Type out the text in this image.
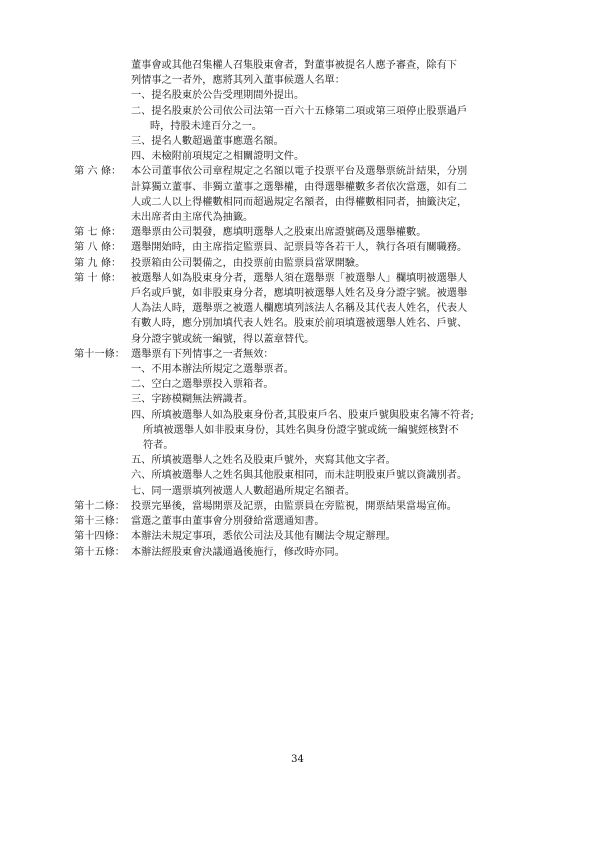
董事會或其他召集權人召集股東會者，對董事被提名人應予審查，除有下
列情事之一者外，應將其列入董事候選人名單：
一、提名股東於公告受理期間外提出。
二、提名股東於公司依公司法第一百六十五條第二項或第三項停止股票過戶
時，持股未達百分之一。
三、提名人數超過董事應選名額。
四、未檢附前項規定之相關證明文件。
第 六 條： 本公司董事依公司章程規定之名額以電子投票平台及選舉票統計結果，分別
計算獨立董事、非獨立董事之選舉權，由得選舉權數多者依次當選，如有二
人或二人以上得權數相同而超過規定名額者，由得權數相同者，抽籤決定，
未出席者由主席代為抽籤。
第 七 條： 選舉票由公司製發，應填明選舉人之股東出席證號碼及選舉權數。
第 八 條： 選舉開始時，由主席指定監票員、記票員等各若干人，執行各項有關職務。
第 九 條： 投票箱由公司製備之，由投票前由監票員當眾開驗。
第 十 條： 被選舉人如為股東身分者，選舉人須在選舉票「被選舉人」欄填明被選舉人
戶名或戶號，如非股東身分者，應填明被選舉人姓名及身分證字號。被選舉
人為法人時，選舉票之被選人欄應填列該法人名稱及其代表人姓名，代表人
有數人時，應分別加填代表人姓名。股東於前項填選被選舉人姓名、戶號、
身分證字號或統一編號，得以蓋章替代。
第十一條： 選舉票有下列情事之一者無效：
一、不用本辦法所規定之選舉票者。
二、空白之選舉票投入票箱者。
三、字跡模糊無法辨識者。
四、所填被選舉人如為股東身份者,其股東戶名、股東戶號與股東名簿不符者;
所填被選舉人如非股東身份，其姓名與身份證字號或統一編號經核對不
符者。
五、所填被選舉人之姓名及股東戶號外，夾寫其他文字者。
六、所填被選舉人之姓名與其他股東相同，而未註明股東戶號以資識別者。
七、同一選票填列被選人人數超過所規定名額者。
第十二條： 投票完畢後，當場開票及記票，由監票員在旁監視，開票結果當場宣佈。
第十三條： 當選之董事由董事會分別發給當選通知書。
第十四條： 本辦法未規定事項，悉依公司法及其他有關法令規定辦理。
第十五條： 本辦法經股東會決議通過後施行，修改時亦同。
34
